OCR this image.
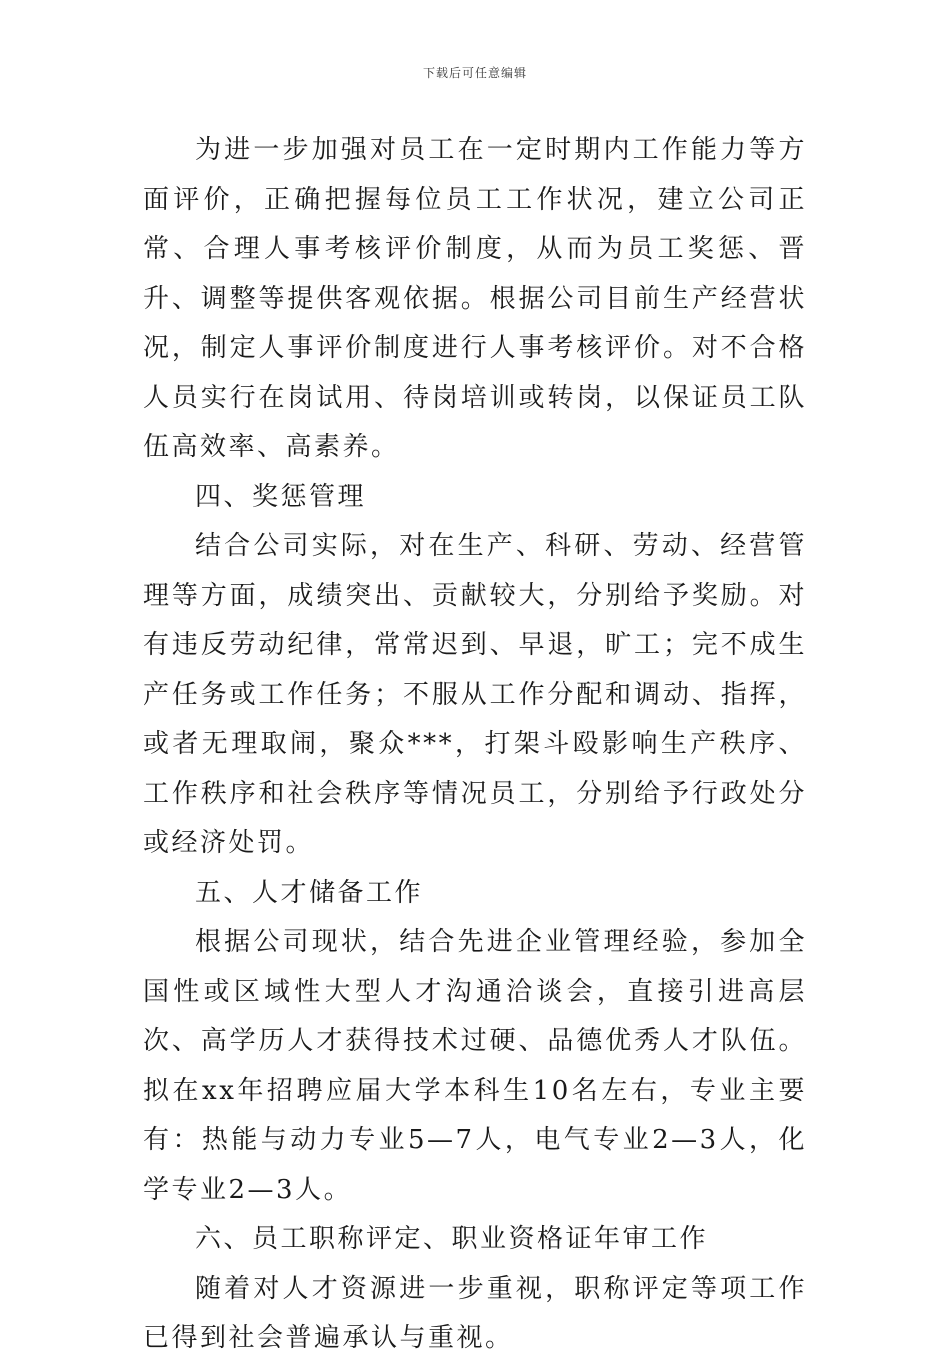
下载后可任意编辑

为进一步加强对员工在一定时期内工作能力等方面评价，正确把握每位员工工作状况，建立公司正常、合理人事考核评价制度，从而为员工奖惩、晋升、调整等提供客观依据。根据公司目前生产经营状况，制定人事评价制度进行人事考核评价。对不合格人员实行在岗试用、待岗培训或转岗，以保证员工队伍高效率、高素养。

四、奖惩管理

结合公司实际，对在生产、科研、劳动、经营管理等方面，成绩突出、贡献较大，分别给予奖励。对有违反劳动纪律，常常迟到、早退，旷工；完不成生产任务或工作任务；不服从工作分配和调动、指挥，或者无理取闹，聚众***，打架斗殴影响生产秩序、工作秩序和社会秩序等情况员工，分别给予行政处分或经济处罚。

五、人才储备工作

根据公司现状，结合先进企业管理经验，参加全国性或区域性大型人才沟通洽谈会，直接引进高层次、高学历人才获得技术过硬、品德优秀人才队伍。拟在xx年招聘应届大学本科生10名左右，专业主要有：热能与动力专业5—7人，电气专业2—3人，化学专业2—3人。

六、员工职称评定、职业资格证年审工作

随着对人才资源进一步重视，职称评定等项工作已得到社会普遍承认与重视。
